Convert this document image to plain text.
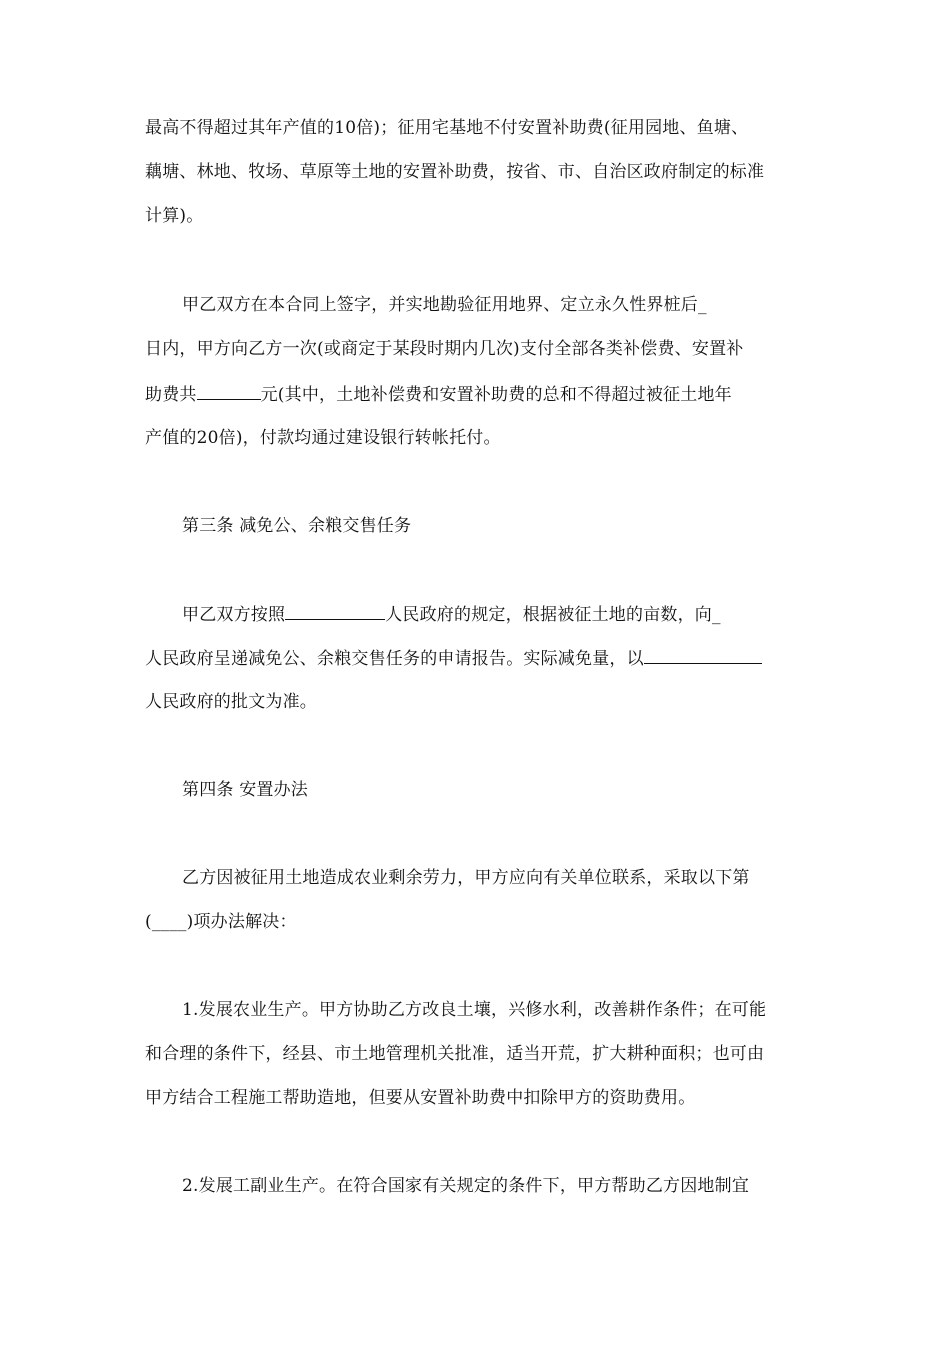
最高不得超过其年产值的10倍)；征用宅基地不付安置补助费(征用园地、鱼塘、
藕塘、林地、牧场、草原等土地的安置补助费，按省、市、自治区政府制定的标准
计算)。
甲乙双方在本合同上签字，并实地勘验征用地界、定立永久性界桩后_
日内，甲方向乙方一次(或商定于某段时期内几次)支付全部各类补偿费、安置补
助费共	元(其中，土地补偿费和安置补助费的总和不得超过被征土地年
产值的20倍)，付款均通过建设银行转帐托付。
第三条 减免公、余粮交售任务
甲乙双方按照	人民政府的规定，根据被征土地的亩数，向_
人民政府呈递减免公、余粮交售任务的申请报告。实际减免量，以
人民政府的批文为准。
第四条 安置办法
乙方因被征用土地造成农业剩余劳力，甲方应向有关单位联系，采取以下第
(____)项办法解决：
1.发展农业生产。甲方协助乙方改良土壤，兴修水利，改善耕作条件；在可能
和合理的条件下，经县、市土地管理机关批准，适当开荒，扩大耕种面积；也可由
甲方结合工程施工帮助造地，但要从安置补助费中扣除甲方的资助费用。
2.发展工副业生产。在符合国家有关规定的条件下，甲方帮助乙方因地制宜
